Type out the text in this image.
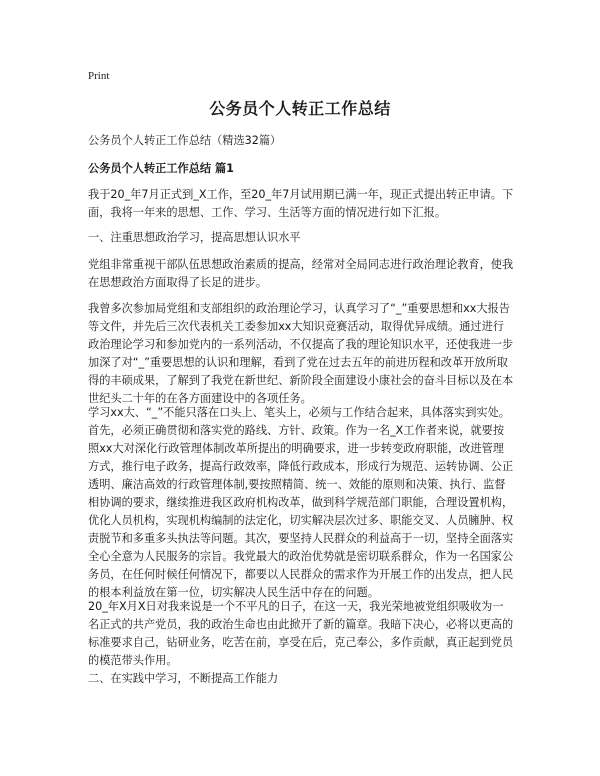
Print
公务员个人转正工作总结

公务员个人转正工作总结（精选32篇）

公务员个人转正工作总结 篇1

我于20_年7月正式到_X工作，至20_年7月试用期已满一年，现正式提出转正申请。下面，我将一年来的思想、工作、学习、生活等方面的情况进行如下汇报。

一、注重思想政治学习，提高思想认识水平

党组非常重视干部队伍思想政治素质的提高，经常对全局同志进行政治理论教育，使我在思想政治方面取得了长足的进步。

我曾多次参加局党组和支部组织的政治理论学习，认真学习了“_”重要思想和xx大报告等文件，并先后三次代表机关工委参加xx大知识竞赛活动，取得优异成绩。通过进行政治理论学习和参加党内的一系列活动，不仅提高了我的理论知识水平，还使我进一步加深了对“_”重要思想的认识和理解，看到了党在过去五年的前进历程和改革开放所取得的丰硕成果，了解到了我党在新世纪、新阶段全面建设小康社会的奋斗目标以及在本世纪头二十年的在各方面建设中的各项任务。

学习xx大、“_”不能只落在口头上、笔头上，必须与工作结合起来，具体落实到实处。首先，必须正确贯彻和落实党的路线、方针、政策。作为一名_X工作者来说，就要按照xx大对深化行政管理体制改革所提出的明确要求，进一步转变政府职能，改进管理方式，推行电子政务，提高行政效率，降低行政成本，形成行为规范、运转协调、公正透明、廉洁高效的行政管理体制,要按照精简、统一、效能的原则和决策、执行、监督相协调的要求，继续推进我区政府机构改革，做到科学规范部门职能，合理设置机构，优化人员机构，实现机构编制的法定化，切实解决层次过多、职能交叉、人员臃肿、权责脱节和多重多头执法等问题。其次，要坚持人民群众的利益高于一切，坚持全面落实全心全意为人民服务的宗旨。我党最大的政治优势就是密切联系群众，作为一名国家公务员，在任何时候任何情况下，都要以人民群众的需求作为开展工作的出发点，把人民的根本利益放在第一位，切实解决人民生活中存在的问题。

20_年X月X日对我来说是一个不平凡的日子，在这一天，我光荣地被党组织吸收为一名正式的共产党员，我的政治生命也由此掀开了新的篇章。我暗下决心，必将以更高的标准要求自己，钻研业务，吃苦在前，享受在后，克己奉公，多作贡献，真正起到党员的模范带头作用。

二、在实践中学习，不断提高工作能力
